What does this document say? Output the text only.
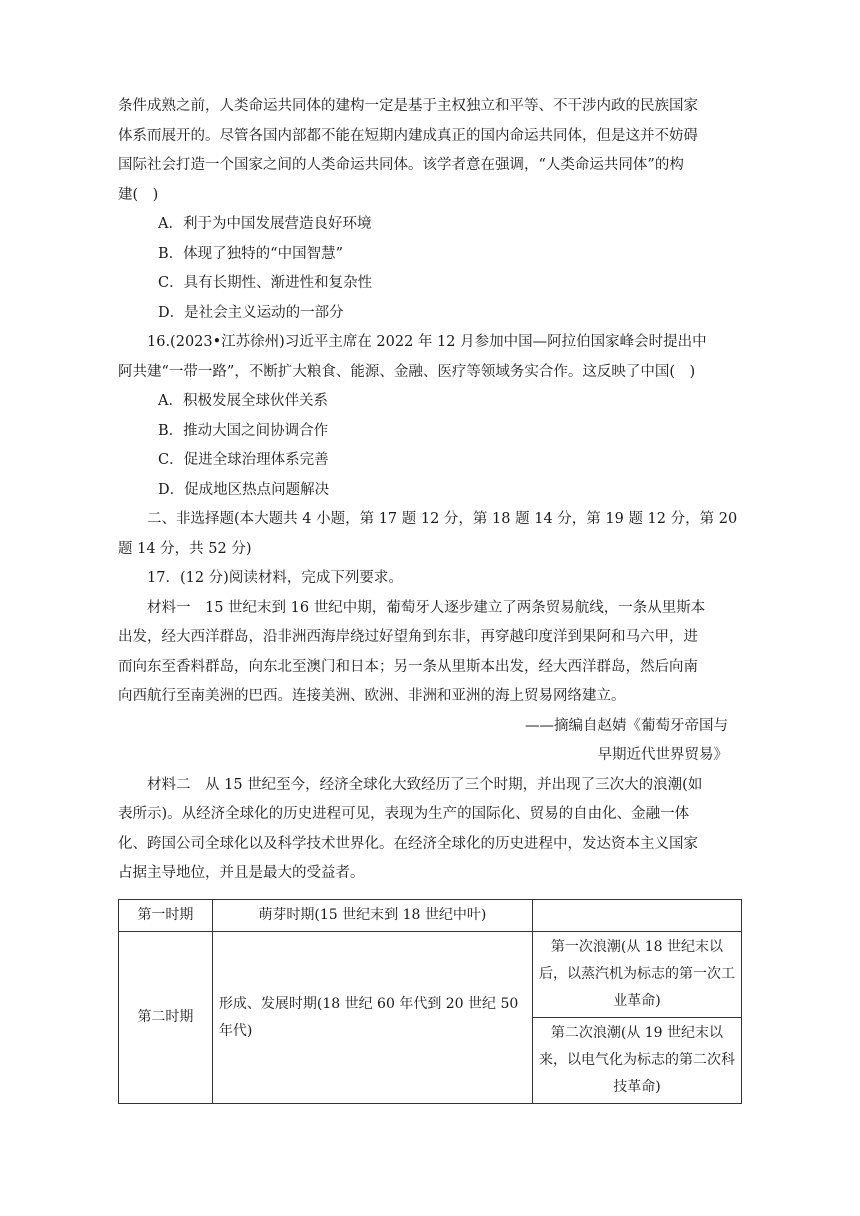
条件成熟之前，人类命运共同体的建构一定是基于主权独立和平等、不干涉内政的民族国家

体系而展开的。尽管各国内部都不能在短期内建成真正的国内命运共同体，但是这并不妨碍

国际社会打造一个国家之间的人类命运共同体。该学者意在强调，“人类命运共同体”的构

建(　)

A．利于为中国发展营造良好环境

B．体现了独特的“中国智慧”

C．具有长期性、渐进性和复杂性

D．是社会主义运动的一部分

16.(2023•江苏徐州)习近平主席在 2022 年 12 月参加中国—阿拉伯国家峰会时提出中

阿共建“一带一路”，不断扩大粮食、能源、金融、医疗等领域务实合作。这反映了中国(　)

A．积极发展全球伙伴关系

B．推动大国之间协调合作

C．促进全球治理体系完善

D．促成地区热点问题解决

二、非选择题(本大题共 4 小题，第 17 题 12 分，第 18 题 14 分，第 19 题 12 分，第 20

题 14 分，共 52 分)

17．(12 分)阅读材料，完成下列要求。

材料一　15 世纪末到 16 世纪中期，葡萄牙人逐步建立了两条贸易航线，一条从里斯本

出发，经大西洋群岛，沿非洲西海岸绕过好望角到东非，再穿越印度洋到果阿和马六甲，进

而向东至香料群岛，向东北至澳门和日本；另一条从里斯本出发，经大西洋群岛，然后向南

向西航行至南美洲的巴西。连接美洲、欧洲、非洲和亚洲的海上贸易网络建立。

——摘编自赵婧《葡萄牙帝国与

早期近代世界贸易》

材料二　从 15 世纪至今，经济全球化大致经历了三个时期，并出现了三次大的浪潮(如

表所示)。从经济全球化的历史进程可见，表现为生产的国际化、贸易的自由化、金融一体

化、跨国公司全球化以及科学技术世界化。在经济全球化的历史进程中，发达资本主义国家

占据主导地位，并且是最大的受益者。

第一时期	萌芽时期(15 世纪末到 18 世纪中叶)	
第二时期	形成、发展时期(18 世纪 60 年代到 20 世纪 50 年代)	第一次浪潮(从 18 世纪末以后，以蒸汽机为标志的第一次工业革命)
		第二次浪潮(从 19 世纪末以来，以电气化为标志的第二次科技革命)
